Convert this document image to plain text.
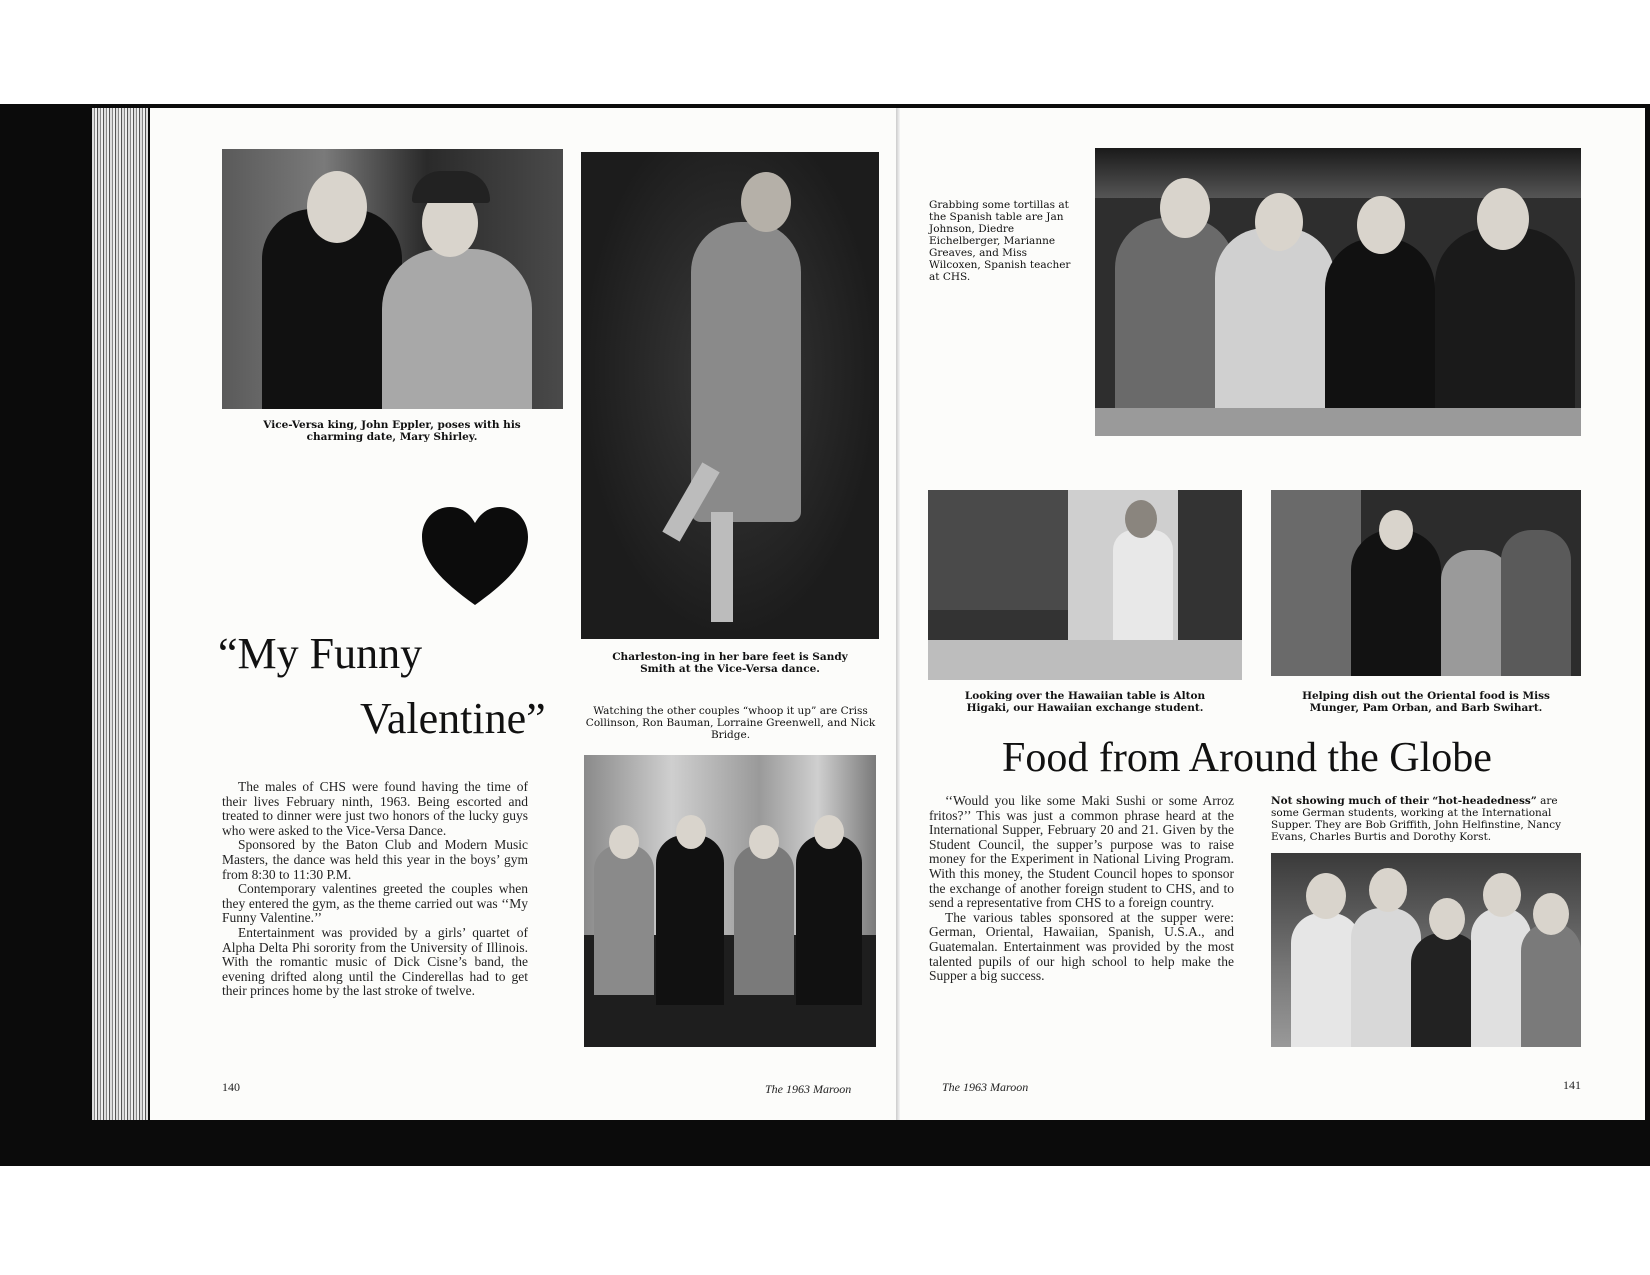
Vice-Versa king, John Eppler, poses with his charming date, Mary Shirley.
Charleston-ing in her bare feet is Sandy Smith at the Vice-Versa dance.
“My Funny
Valentine”	Watching the other couples “whoop it up” are Criss Collinson, Ron Bauman, Lorraine Greenwell, and Nick Bridge.

The males of CHS were found having the time of their lives February ninth, 1963. Being escorted and treated to dinner were just two honors of the lucky guys who were asked to the Vice-Versa Dance.

Sponsored by the Baton Club and Modern Music Masters, the dance was held this year in the boys’ gym from 8:30 to 11:30 P.M.

Contemporary valentines greeted the couples when they entered the gym, as the theme carried out was ‘‘My Funny Valentine.’’

Entertainment was provided by a girls’ quartet of Alpha Delta Phi sorority from the University of Illinois. With the romantic music of Dick Cisne’s band, the evening drifted along until the Cinderellas had to get their princes home by the last stroke of twelve.

140	The 1963 Maroon
Grabbing some tortillas at the Spanish table are Jan Johnson, Diedre Eichelberger, Marianne Greaves, and Miss Wilcoxen, Spanish teacher at CHS.
Looking over the Hawaiian table is Alton Higaki, our Hawaiian exchange student.
Helping dish out the Oriental food is Miss Munger, Pam Orban, and Barb Swihart.
Food from Around the Globe

‘‘Would you like some Maki Sushi or some Arroz fritos?’’ This was just a common phrase heard at the International Supper, February 20 and 21. Given by the Student Council, the supper’s purpose was to raise money for the Experiment in National Living Program. With this money, the Student Council hopes to sponsor the exchange of another foreign student to CHS, and to send a representative from CHS to a foreign country.

The various tables sponsored at the supper were: German, Oriental, Hawaiian, Spanish, U.S.A., and Guatemalan. Entertainment was provided by the most talented pupils of our high school to help make the Supper a big success.

Not showing much of their “hot-headedness” are some German students, working at the International Supper. They are Bob Griffith, John Helfinstine, Nancy Evans, Charles Burtis and Dorothy Korst.
The 1963 Maroon	141
